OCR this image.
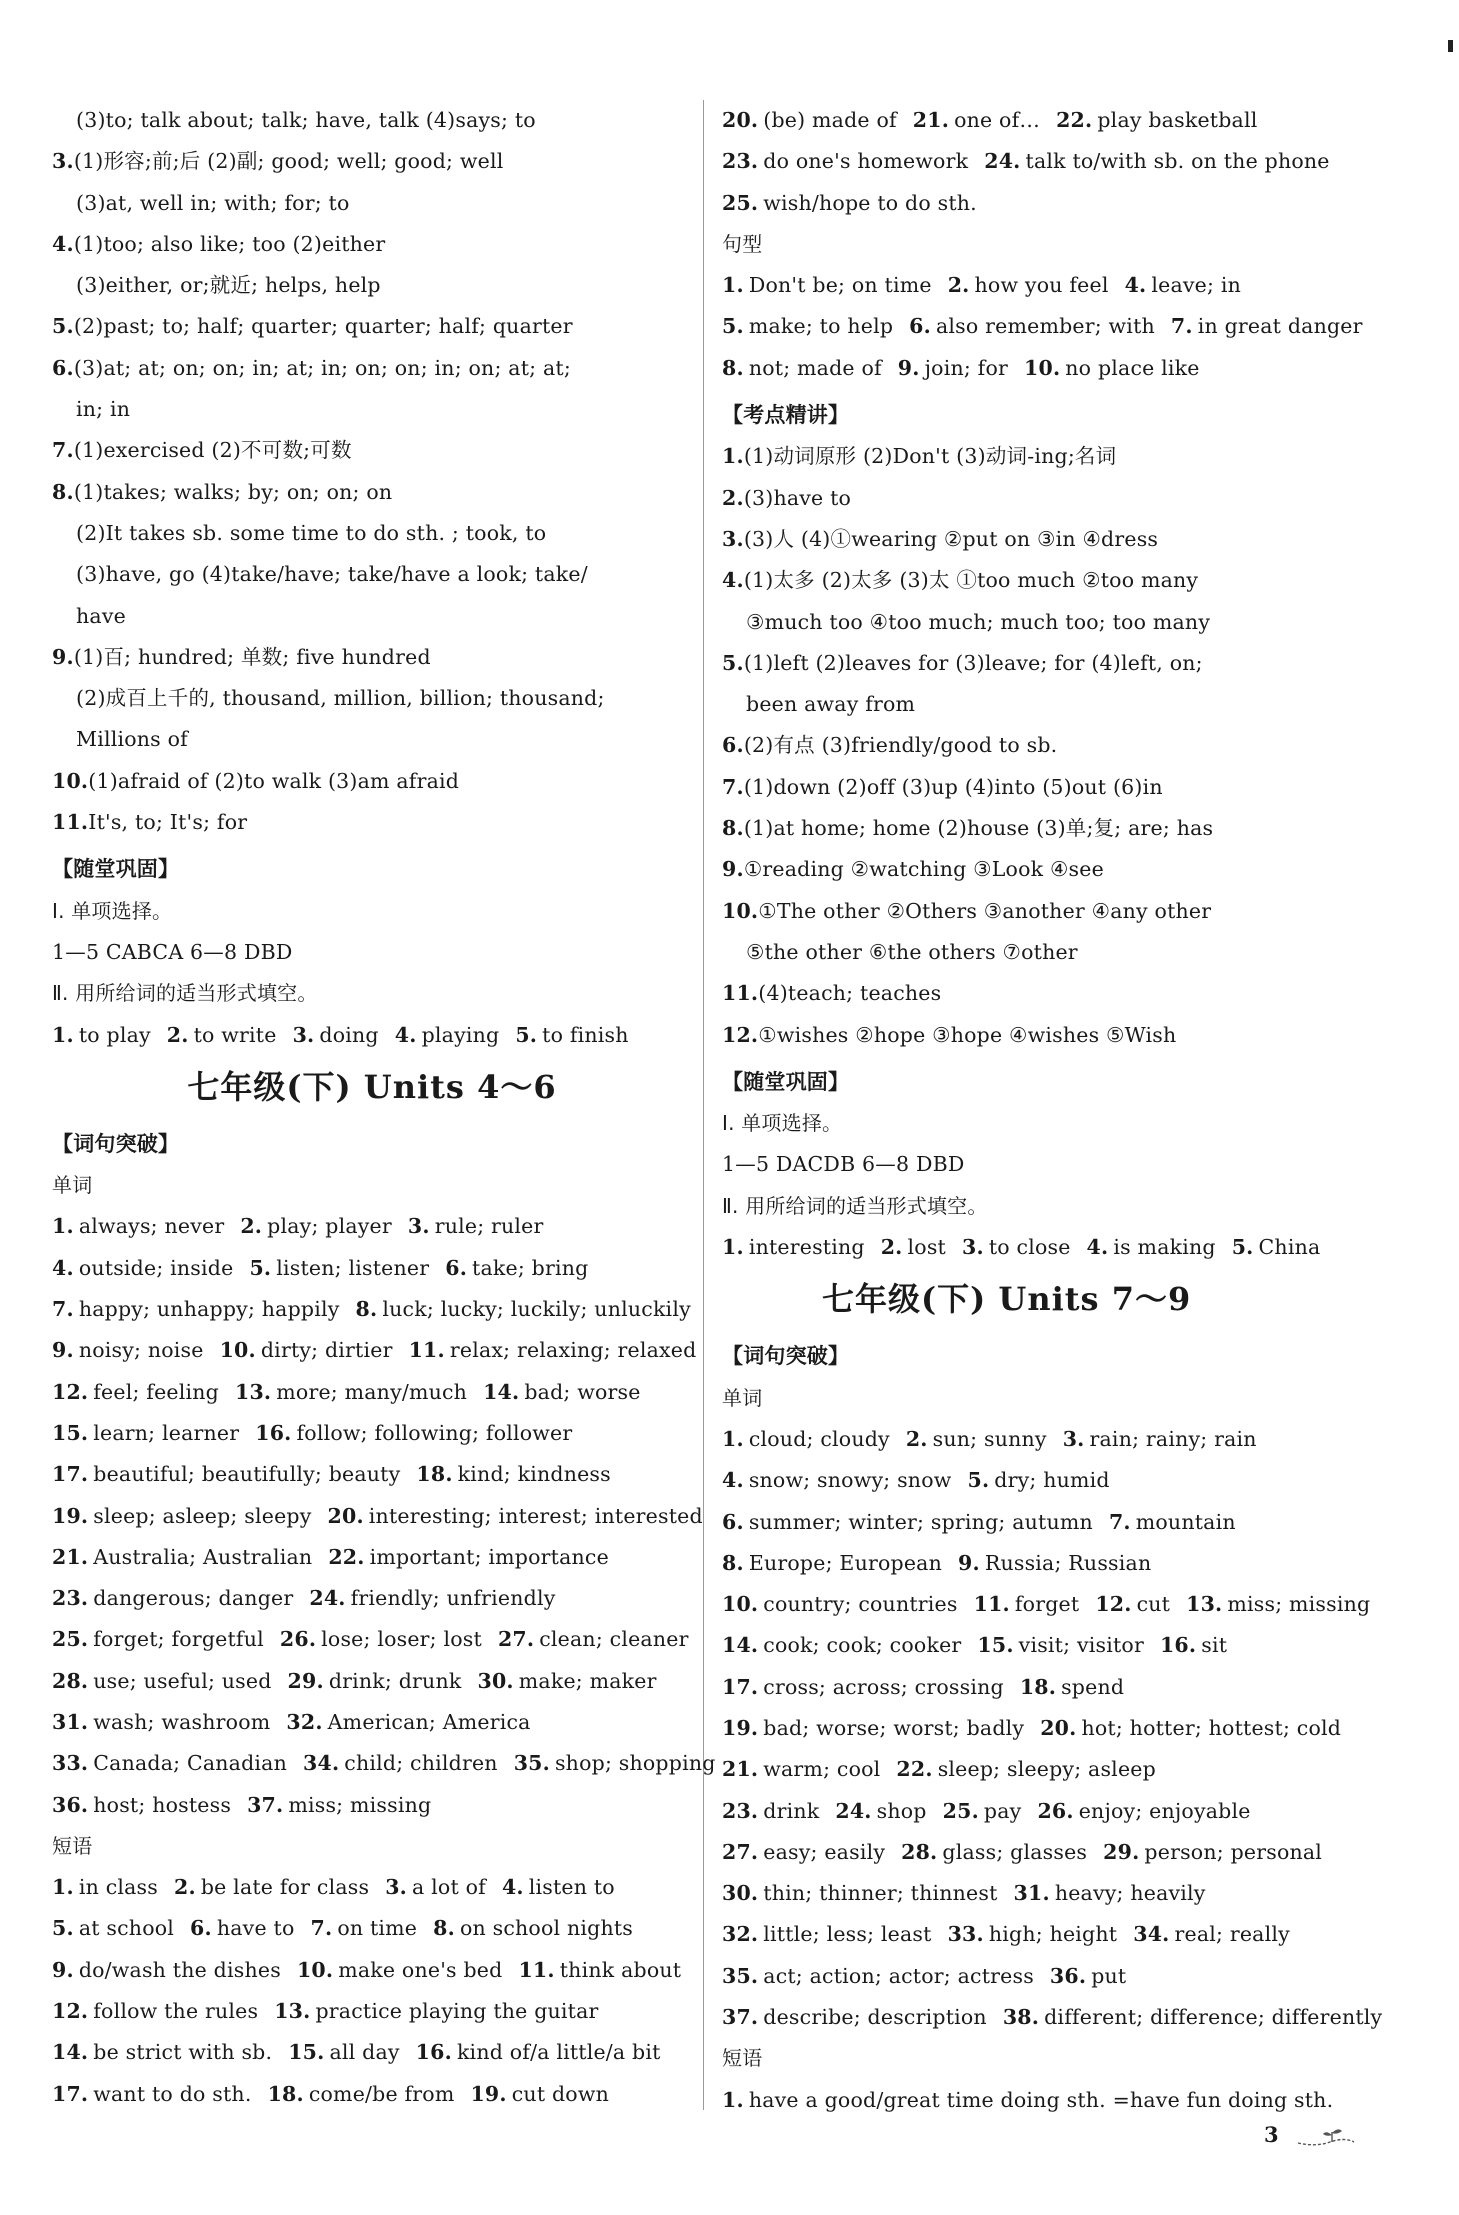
(3)to; talk about; talk; have, talk (4)says; to
3.(1)形容;前;后 (2)副; good; well; good; well
(3)at, well in; with; for; to
4.(1)too; also like; too (2)either
(3)either, or;就近; helps, help
5.(2)past; to; half; quarter; quarter; half; quarter
6.(3)at; at; on; on; in; at; in; on; on; in; on; at; at;
in; in
7.(1)exercised (2)不可数;可数
8.(1)takes; walks; by; on; on; on
(2)It takes sb. some time to do sth. ; took, to
(3)have, go (4)take/have; take/have a look; take/
have
9.(1)百; hundred; 单数; five hundred
(2)成百上千的, thousand, million, billion; thousand;
Millions of
10.(1)afraid of (2)to walk (3)am afraid
11.It's, to; It's; for
【随堂巩固】
Ⅰ. 单项选择。
1—5 CABCA 6—8 DBD
Ⅱ. 用所给词的适当形式填空。
1. to play 2. to write 3. doing 4. playing 5. to finish
七年级(下) Units 4～6
【词句突破】
单词
1. always; never 2. play; player 3. rule; ruler
4. outside; inside 5. listen; listener 6. take; bring
7. happy; unhappy; happily 8. luck; lucky; luckily; unluckily
9. noisy; noise 10. dirty; dirtier 11. relax; relaxing; relaxed
12. feel; feeling 13. more; many/much 14. bad; worse
15. learn; learner 16. follow; following; follower
17. beautiful; beautifully; beauty 18. kind; kindness
19. sleep; asleep; sleepy 20. interesting; interest; interested
21. Australia; Australian 22. important; importance
23. dangerous; danger 24. friendly; unfriendly
25. forget; forgetful 26. lose; loser; lost 27. clean; cleaner
28. use; useful; used 29. drink; drunk 30. make; maker
31. wash; washroom 32. American; America
33. Canada; Canadian 34. child; children 35. shop; shopping
36. host; hostess 37. miss; missing
短语
1. in class 2. be late for class 3. a lot of 4. listen to
5. at school 6. have to 7. on time 8. on school nights
9. do/wash the dishes 10. make one's bed 11. think about
12. follow the rules 13. practice playing the guitar
14. be strict with sb. 15. all day 16. kind of/a little/a bit
17. want to do sth. 18. come/be from 19. cut down
20. (be) made of 21. one of… 22. play basketball
23. do one's homework 24. talk to/with sb. on the phone
25. wish/hope to do sth.
句型
1. Don't be; on time 2. how you feel 4. leave; in
5. make; to help 6. also remember; with 7. in great danger
8. not; made of 9. join; for 10. no place like
【考点精讲】
1.(1)动词原形 (2)Don't (3)动词-ing;名词
2.(3)have to
3.(3)人 (4)①wearing ②put on ③in ④dress
4.(1)太多 (2)太多 (3)太 ①too much ②too many
③much too ④too much; much too; too many
5.(1)left (2)leaves for (3)leave; for (4)left, on;
been away from
6.(2)有点 (3)friendly/good to sb.
7.(1)down (2)off (3)up (4)into (5)out (6)in
8.(1)at home; home (2)house (3)单;复; are; has
9.①reading ②watching ③Look ④see
10.①The other ②Others ③another ④any other
⑤the other ⑥the others ⑦other
11.(4)teach; teaches
12.①wishes ②hope ③hope ④wishes ⑤Wish
【随堂巩固】
Ⅰ. 单项选择。
1—5 DACDB 6—8 DBD
Ⅱ. 用所给词的适当形式填空。
1. interesting 2. lost 3. to close 4. is making 5. China
七年级(下) Units 7～9
【词句突破】
单词
1. cloud; cloudy 2. sun; sunny 3. rain; rainy; rain
4. snow; snowy; snow 5. dry; humid
6. summer; winter; spring; autumn 7. mountain
8. Europe; European 9. Russia; Russian
10. country; countries 11. forget 12. cut 13. miss; missing
14. cook; cook; cooker 15. visit; visitor 16. sit
17. cross; across; crossing 18. spend
19. bad; worse; worst; badly 20. hot; hotter; hottest; cold
21. warm; cool 22. sleep; sleepy; asleep
23. drink 24. shop 25. pay 26. enjoy; enjoyable
27. easy; easily 28. glass; glasses 29. person; personal
30. thin; thinner; thinnest 31. heavy; heavily
32. little; less; least 33. high; height 34. real; really
35. act; action; actor; actress 36. put
37. describe; description 38. different; difference; differently
短语
1. have a good/great time doing sth. =have fun doing sth.
3
